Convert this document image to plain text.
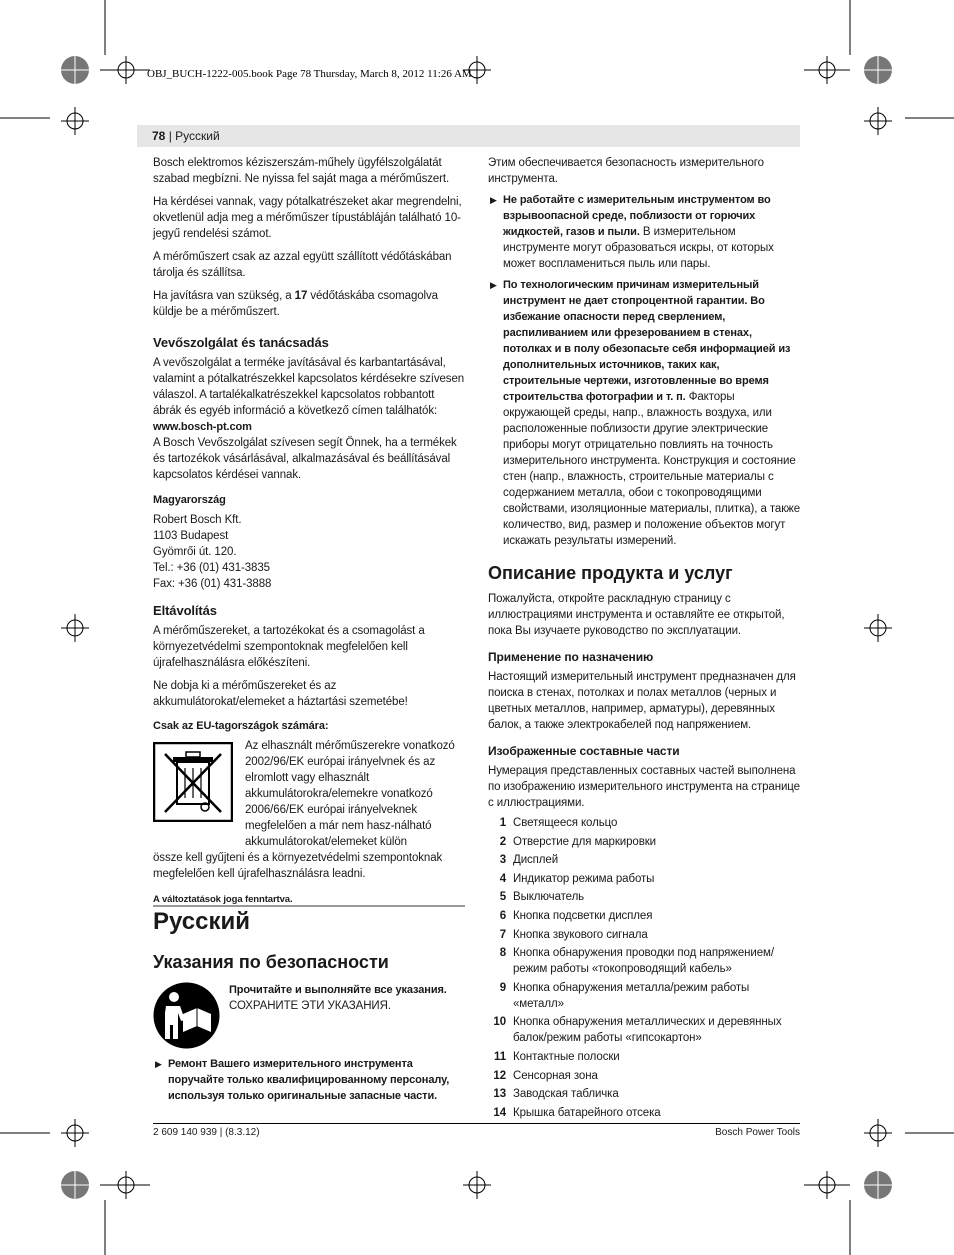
OBJ_BUCH-1222-005.book Page 78 Thursday, March 8, 2012 11:26 AM
78 | Русский

Bosch elektromos kéziszerszám-műhely ügyfélszolgálatát szabad megbízni. Ne nyissa fel saját maga a mérőműszert.

Ha kérdései vannak, vagy pótalkatrészeket akar megrendelni, okvetlenül adja meg a mérőműszer típustábláján található 10-jegyű rendelési számot.

A mérőműszert csak az azzal együtt szállított védőtáskában tárolja és szállítsa.

Ha javításra van szükség, a 17 védőtáskába csomagolva küldje be a mérőműszert.

Vevőszolgálat és tanácsadás
A vevőszolgálat a terméke javításával és karbantartásával, valamint a pótalkatrészekkel kapcsolatos kérdésekre szívesen válaszol. A tartalékalkatrészekkel kapcsolatos robbantott ábrák és egyéb információ a következő címen találhatók:
www.bosch-pt.com

A Bosch Vevőszolgálat szívesen segít Önnek, ha a termékek és tartozékok vásárlásával, alkalmazásával és beállításával kapcsolatos kérdései vannak.

Magyarország
Robert Bosch Kft.
1103 Budapest
Gyömrői út. 120.
Tel.: +36 (01) 431-3835
Fax: +36 (01) 431-3888
Eltávolítás

A mérőműszereket, a tartozékokat és a csomagolást a környezetvédelmi szempontoknak megfelelően kell újrafelhasználásra előkészíteni.

Ne dobja ki a mérőműszereket és az akkumulátorokat/elemeket a háztartási szemetébe!

Csak az EU-tagországok számára:
Az elhasznált mérőműszerekre vonatkozó 2002/96/EK európai irányelvnek és az elromlott vagy elhasznált akkumulátorokra/elemekre vonatkozó 2006/66/EK európai irányelveknek megfelelően a már nem hasz-nálható akkumulátorokat/elemeket külön

össze kell gyűjteni és a környezetvédelmi szempontoknak megfelelően kell újrafelhasználásra leadni.

A változtatások joga fenntartva.
Русский
Указания по безопасности
Прочитайте и выполняйте все указания.
СОХРАНИТЕ ЭТИ УКАЗАНИЯ.
▶ Ремонт Вашего измерительного инструмента поручайте только квалифицированному персоналу, используя только оригинальные запасные части.

Этим обеспечивается безопасность измерительного инструмента.

▶ Не работайте с измерительным инструментом во взрывоопасной среде, поблизости от горючих жидкостей, газов и пыли. В измерительном инструменте могут образоваться искры, от которых может воспламениться пыль или пары.
▶ По технологическим причинам измерительный инструмент не дает стопроцентной гарантии. Во избежание опасности перед сверлением, распиливанием или фрезерованием в стенах, потолках и в полу обезопасьте себя информацией из дополнительных источников, таких как, строительные чертежи, изготовленные во время строительства фотографии и т. п. Факторы окружающей среды, напр., влажность воздуха, или расположенные поблизости другие электрические приборы могут отрицательно повлиять на точность измерительного инструмента. Конструкция и состояние стен (напр., влажность, строительные материалы с содержанием металла, обои с токопроводящими свойствами, изоляционные материалы, плитка), а также количество, вид, размер и положение объектов могут искажать результаты измерений.
Описание продукта и услуг

Пожалуйста, откройте раскладную страницу с иллюстрациями инструмента и оставляйте ее открытой, пока Вы изучаете руководство по эксплуатации.

Применение по назначению

Настоящий измерительный инструмент предназначен для поиска в стенах, потолках и полах металлов (черных и цветных металлов, например, арматуры), деревянных балок, а также электрокабелей под напряжением.

Изображенные составные части

Нумерация представленных составных частей выполнена по изображению измерительного инструмента на странице с иллюстрациями.

1 Светящееся кольцо
2 Отверстие для маркировки
3 Дисплей
4 Индикатор режима работы
5 Выключатель
6 Кнопка подсветки дисплея
7 Кнопка звукового сигнала
8 Кнопка обнаружения проводки под напряжением/ режим работы «токопроводящий кабель»
9 Кнопка обнаружения металла/режим работы «металл»
10 Кнопка обнаружения металлических и деревянных балок/режим работы «гипсокартон»
11 Контактные полоски
12 Сенсорная зона
13 Заводская табличка
14 Крышка батарейного отсека
2 609 140 939 | (8.3.12)	Bosch Power Tools
